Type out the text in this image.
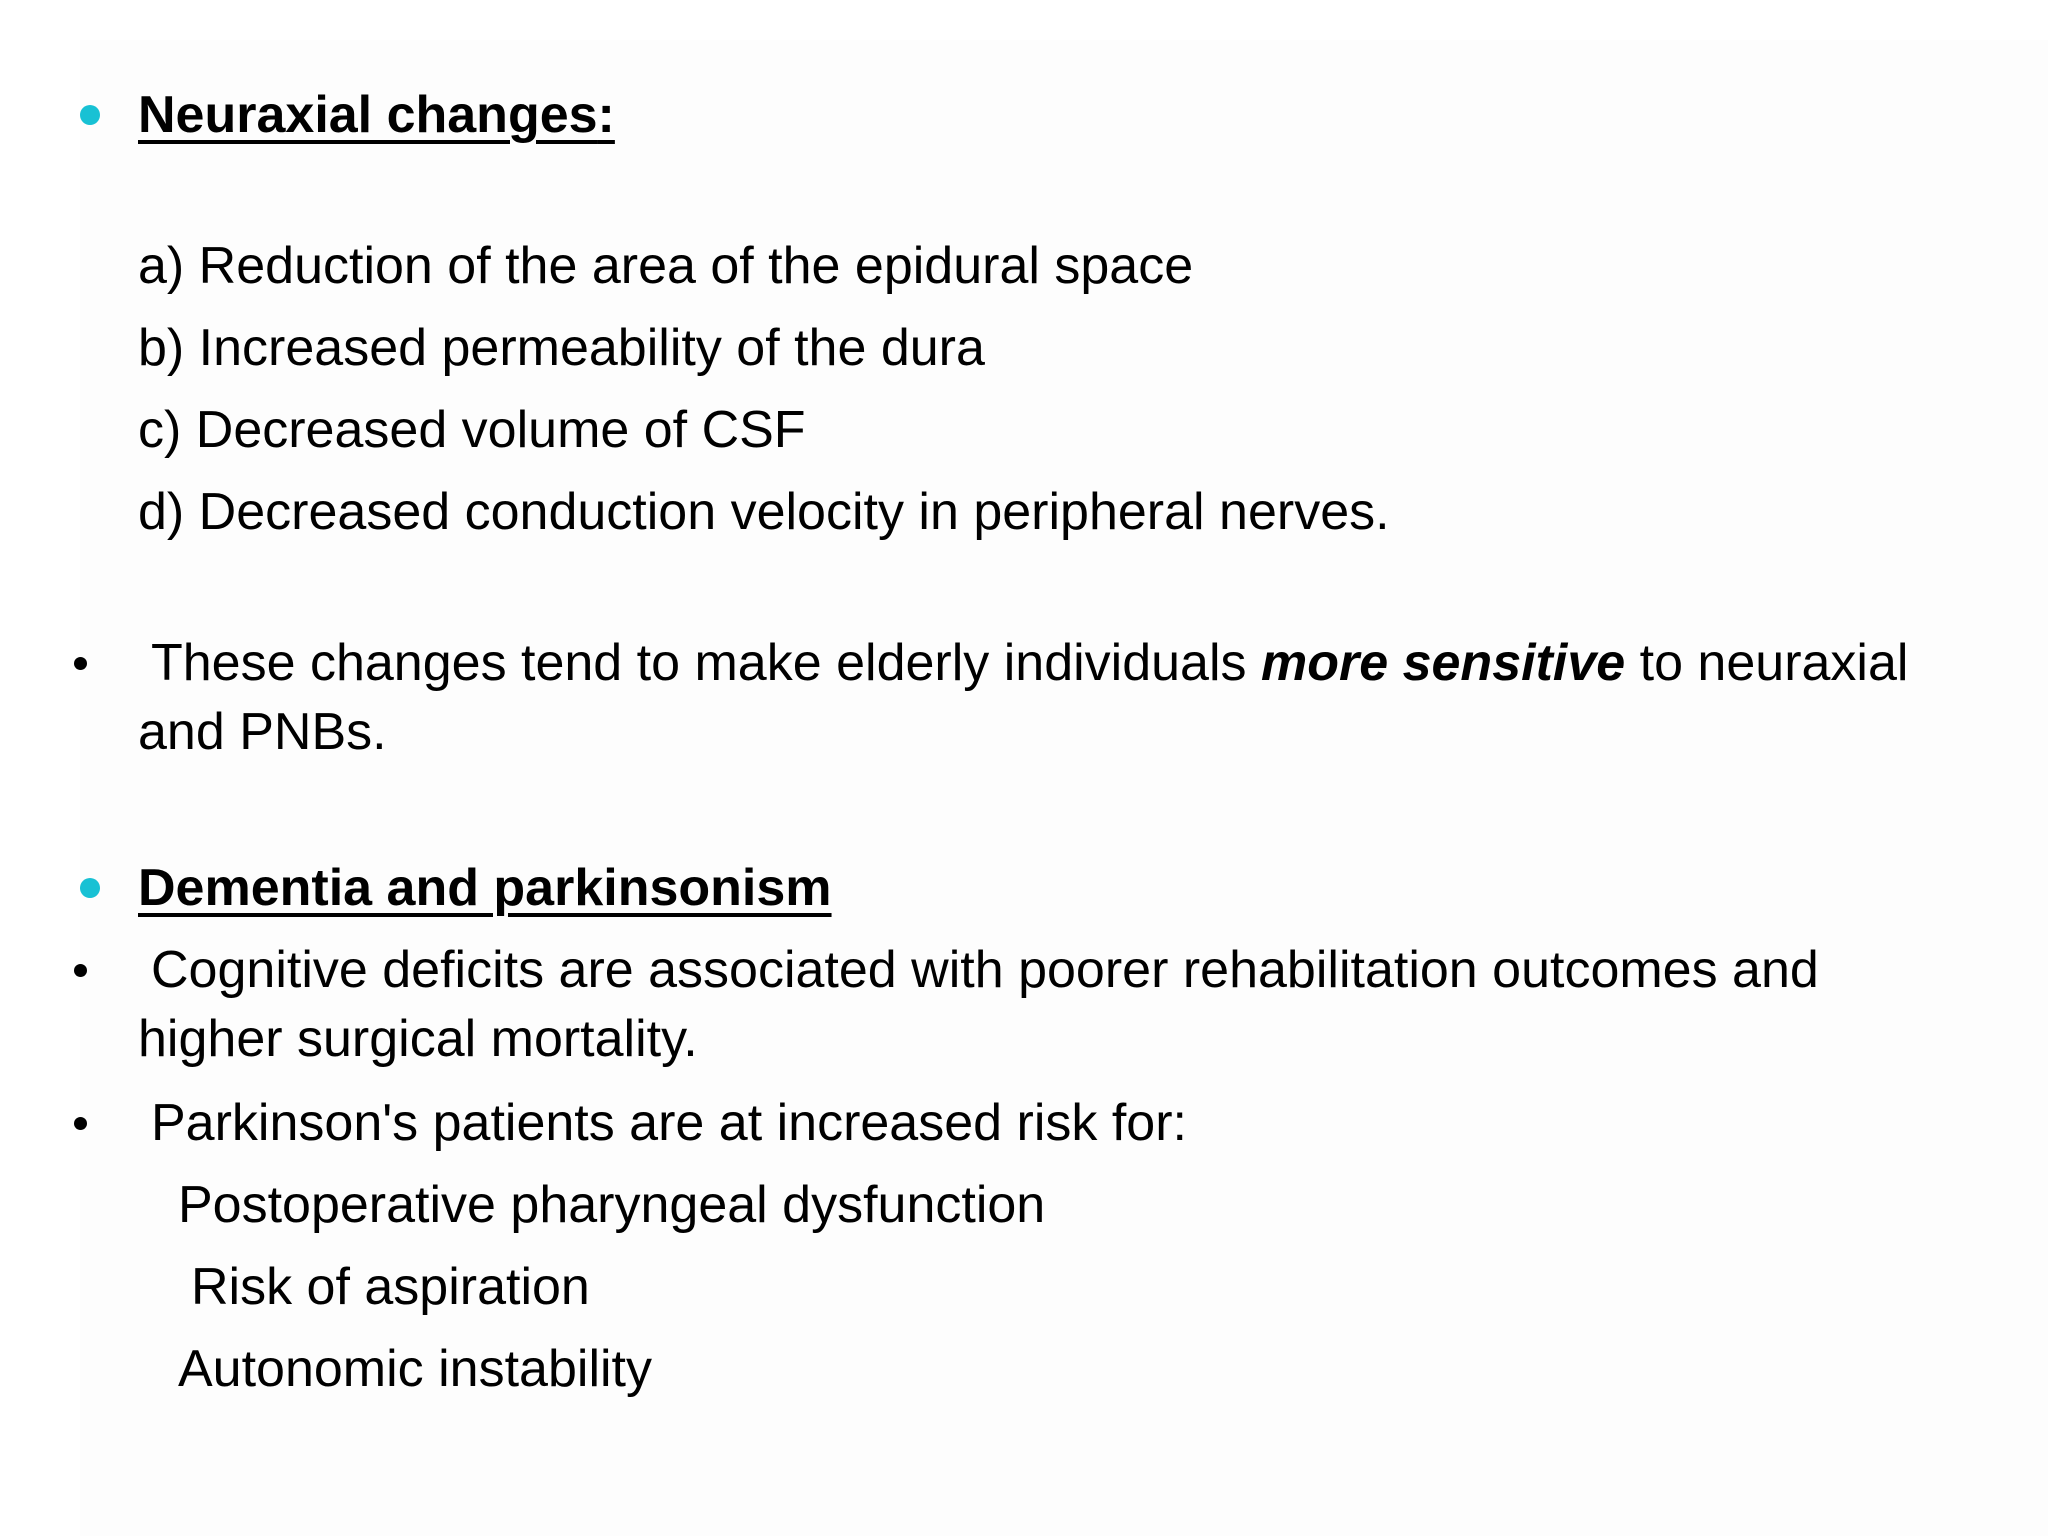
Neuraxial changes:
a) Reduction of the area of the epidural space
b) Increased permeability of the dura
c) Decreased volume of CSF
d) Decreased conduction velocity in peripheral nerves.
These changes tend to make elderly individuals more sensitive to neuraxial
and PNBs.
Dementia and parkinsonism
Cognitive deficits are associated with poorer rehabilitation outcomes and
higher surgical mortality.
Parkinson's patients are at increased risk for:
Postoperative pharyngeal dysfunction
Risk of aspiration
Autonomic instability
